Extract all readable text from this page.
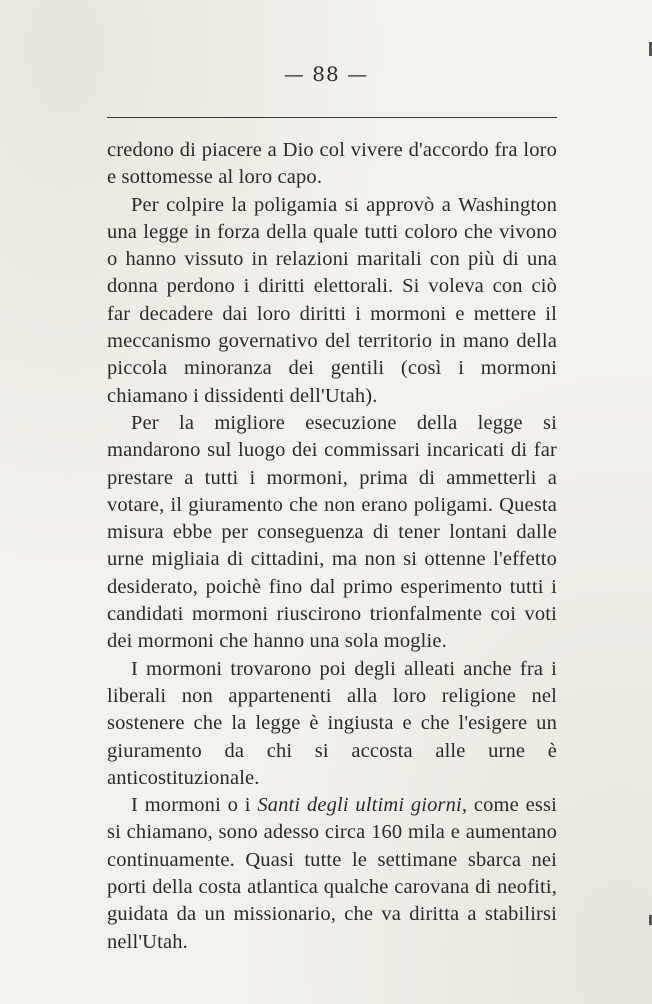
— 88 —

credono di piacere a Dio col vivere d'accordo fra loro e sottomesse al loro capo.

Per colpire la poligamia si approvò a Washington una legge in forza della quale tutti coloro che vivono o hanno vissuto in relazioni maritali con più di una donna perdono i diritti elettorali. Si voleva con ciò far decadere dai loro diritti i mormoni e mettere il meccanismo governativo del territorio in mano della piccola minoranza dei gentili (così i mormoni chiamano i dissidenti dell'Utah).

Per la migliore esecuzione della legge si mandarono sul luogo dei commissari incaricati di far prestare a tutti i mormoni, prima di ammetterli a votare, il giuramento che non erano poligami. Questa misura ebbe per conseguenza di tener lontani dalle urne migliaia di cittadini, ma non si ottenne l'effetto desiderato, poichè fino dal primo esperimento tutti i candidati mormoni riuscirono trionfalmente coi voti dei mormoni che hanno una sola moglie.

I mormoni trovarono poi degli alleati anche fra i liberali non appartenenti alla loro religione nel sostenere che la legge è ingiusta e che l'esigere un giuramento da chi si accosta alle urne è anticostituzionale.

I mormoni o i Santi degli ultimi giorni, come essi si chiamano, sono adesso circa 160 mila e aumentano continuamente. Quasi tutte le settimane sbarca nei porti della costa atlantica qualche carovana di neofiti, guidata da un missionario, che va diritta a stabilirsi nell'Utah.
